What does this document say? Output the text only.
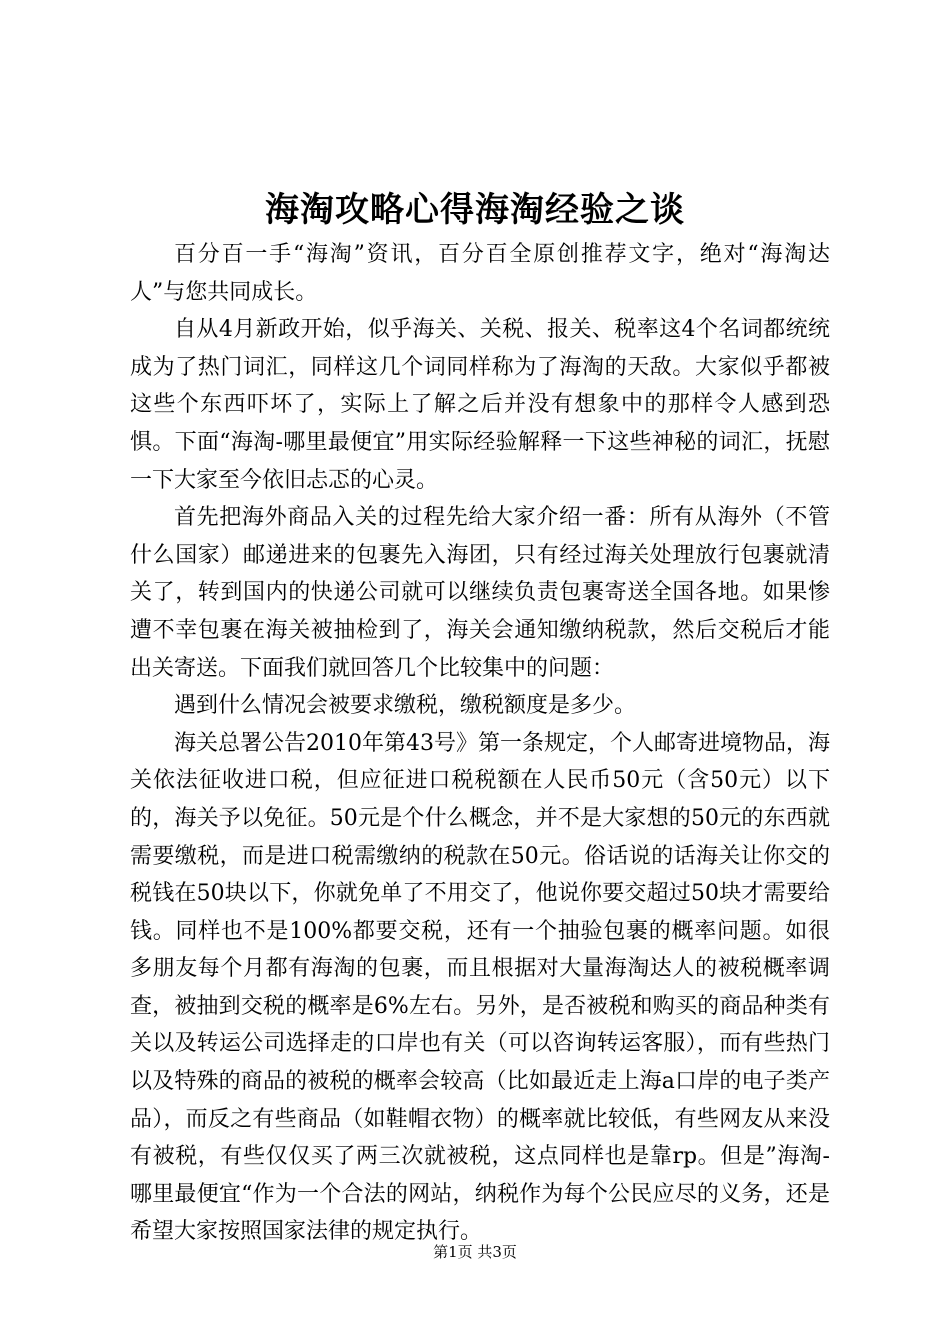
海淘攻略心得海淘经验之谈

百分百一手“海淘”资讯，百分百全原创推荐文字，绝对“海淘达人”与您共同成长。

自从4月新政开始，似乎海关、关税、报关、税率这4个名词都统统成为了热门词汇，同样这几个词同样称为了海淘的天敌。大家似乎都被这些个东西吓坏了，实际上了解之后并没有想象中的那样令人感到恐惧。下面“海淘-哪里最便宜”用实际经验解释一下这些神秘的词汇，抚慰一下大家至今依旧忐忑的心灵。

首先把海外商品入关的过程先给大家介绍一番：所有从海外（不管什么国家）邮递进来的包裹先入海团，只有经过海关处理放行包裹就清关了，转到国内的快递公司就可以继续负责包裹寄送全国各地。如果惨遭不幸包裹在海关被抽检到了，海关会通知缴纳税款，然后交税后才能出关寄送。下面我们就回答几个比较集中的问题：

遇到什么情况会被要求缴税，缴税额度是多少。

海关总署公告2010年第43号》第一条规定，个人邮寄进境物品，海关依法征收进口税，但应征进口税税额在人民币50元（含50元）以下的，海关予以免征。50元是个什么概念，并不是大家想的50元的东西就需要缴税，而是进口税需缴纳的税款在50元。俗话说的话海关让你交的税钱在50块以下，你就免单了不用交了，他说你要交超过50块才需要给钱。同样也不是100%都要交税，还有一个抽验包裹的概率问题。如很多朋友每个月都有海淘的包裹，而且根据对大量海淘达人的被税概率调查，被抽到交税的概率是6%左右。另外，是否被税和购买的商品种类有关以及转运公司选择走的口岸也有关（可以咨询转运客服），而有些热门以及特殊的商品的被税的概率会较高（比如最近走上海a口岸的电子类产品），而反之有些商品（如鞋帽衣物）的概率就比较低，有些网友从来没有被税，有些仅仅买了两三次就被税，这点同样也是靠rp。但是”海淘-哪里最便宜“作为一个合法的网站，纳税作为每个公民应尽的义务，还是希望大家按照国家法律的规定执行。

第1页 共3页
